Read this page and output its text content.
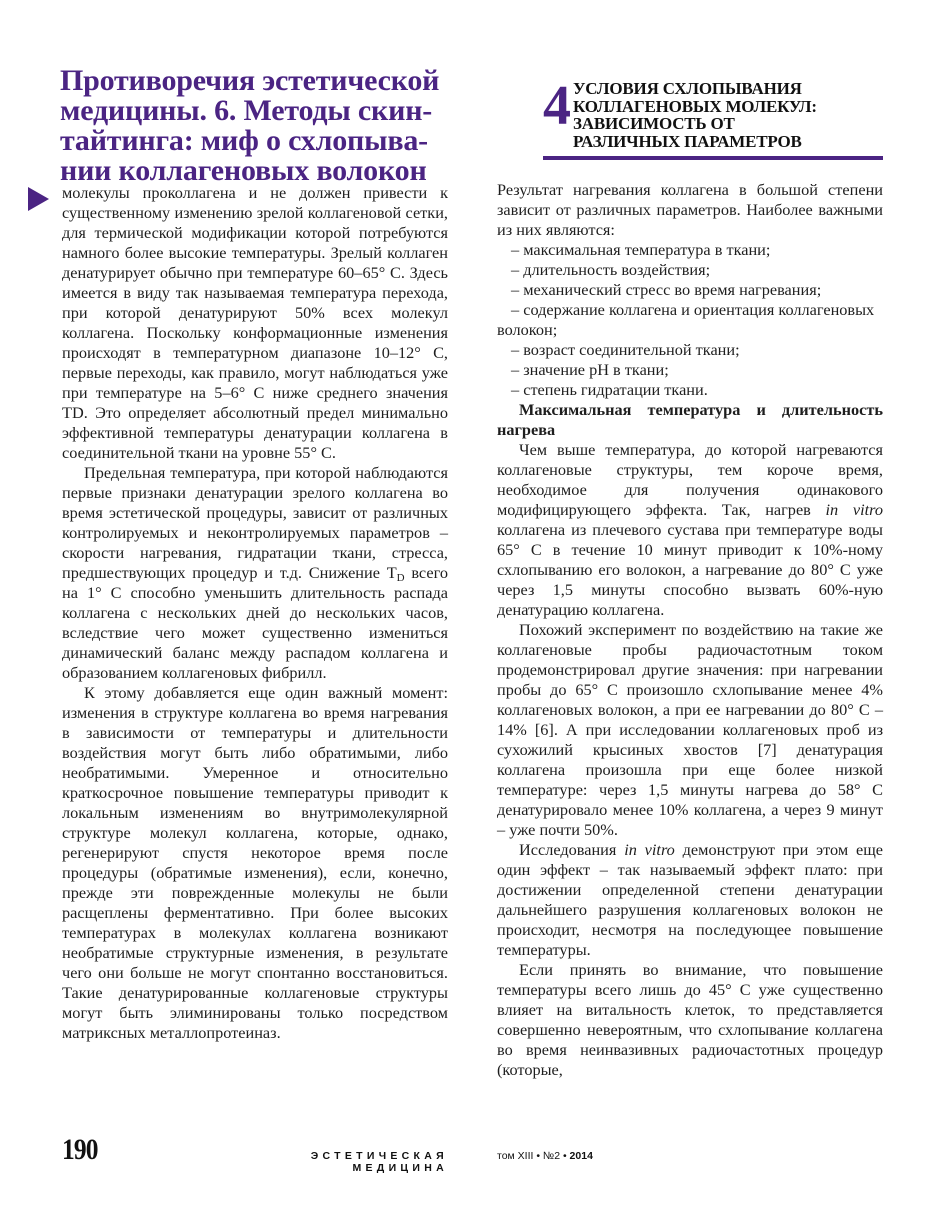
Противоречия эстетической
медицины. 6. Методы скин-
тайтинга: миф о схлопыва-
нии коллагеновых волокон

молекулы проколлагена и не должен привести к существенному изменению зрелой коллагеновой сетки, для термической модификации которой потребуются намного более высокие температуры. Зрелый коллаген денатурирует обычно при температуре 60–65° С. Здесь имеется в виду так называемая температура перехода, при которой денатурируют 50% всех молекул коллагена. Поскольку конформационные изменения происходят в температурном диапазоне 10–12° С, первые переходы, как правило, могут наблюдаться уже при температуре на 5–6° С ниже среднего значения TD. Это определяет абсолютный предел минимально эффективной температуры денатурации коллагена в соединительной ткани на уровне 55° С.

Предельная температура, при которой наблюдаются первые признаки денатурации зрелого коллагена во время эстетической процедуры, зависит от различных контролируемых и неконтролируемых параметров – скорости нагревания, гидратации ткани, стресса, предшествующих процедур и т.д. Снижение $T_D$ всего на 1° С способно уменьшить длительность распада коллагена с нескольких дней до нескольких часов, вследствие чего может существенно измениться динамический баланс между распадом коллагена и образованием коллагеновых фибрилл.

К этому добавляется еще один важный момент: изменения в структуре коллагена во время нагревания в зависимости от температуры и длительности воздействия могут быть либо обратимыми, либо необратимыми. Умеренное и относительно краткосрочное повышение температуры приводит к локальным изменениям во внутримолекулярной структуре молекул коллагена, которые, однако, регенерируют спустя некоторое время после процедуры (обратимые изменения), если, конечно, прежде эти поврежденные молекулы не были расщеплены ферментативно. При более высоких температурах в молекулах коллагена возникают необратимые структурные изменения, в результате чего они больше не могут спонтанно восстановиться. Такие денатурированные коллагеновые структуры могут быть элиминированы только посредством матриксных металлопротеиназ.

4 УСЛОВИЯ СХЛОПЫВАНИЯ
КОЛЛАГЕНОВЫХ МОЛЕКУЛ:
ЗАВИСИМОСТЬ ОТ
РАЗЛИЧНЫХ ПАРАМЕТРОВ

Результат нагревания коллагена в большой степени зависит от различных параметров. Наиболее важными из них являются:

– максимальная температура в ткани;
– длительность воздействия;
– механический стресс во время нагревания;
– содержание коллагена и ориентация коллагеновых волокон;
– возраст соединительной ткани;
– значение pH в ткани;
– степень гидратации ткани.

Максимальная температура и длительность нагрева

Чем выше температура, до которой нагреваются коллагеновые структуры, тем короче время, необходимое для получения одинакового модифицирующего эффекта. Так, нагрев in vitro коллагена из плечевого сустава при температуре воды 65° С в течение 10 минут приводит к 10%-ному схлопыванию его волокон, а нагревание до 80° С уже через 1,5 минуты способно вызвать 60%-ную денатурацию коллагена.

Похожий эксперимент по воздействию на такие же коллагеновые пробы радиочастотным током продемонстрировал другие значения: при нагревании пробы до 65° С произошло схлопывание менее 4% коллагеновых волокон, а при ее нагревании до 80° С – 14% [6]. А при исследовании коллагеновых проб из сухожилий крысиных хвостов [7] денатурация коллагена произошла при еще более низкой температуре: через 1,5 минуты нагрева до 58° С денатурировало менее 10% коллагена, а через 9 минут – уже почти 50%.

Исследования in vitro демонструют при этом еще один эффект – так называемый эффект плато: при достижении определенной степени денатурации дальнейшего разрушения коллагеновых волокон не происходит, несмотря на последующее повышение температуры.

Если принять во внимание, что повышение температуры всего лишь до 45° С уже существенно влияет на витальность клеток, то представляется совершенно невероятным, что схлопывание коллагена во время неинвазивных радиочастотных процедур (которые,

190	ЭСТЕТИЧЕСКАЯ МЕДИЦИНА
том XIII • №2 • 2014
